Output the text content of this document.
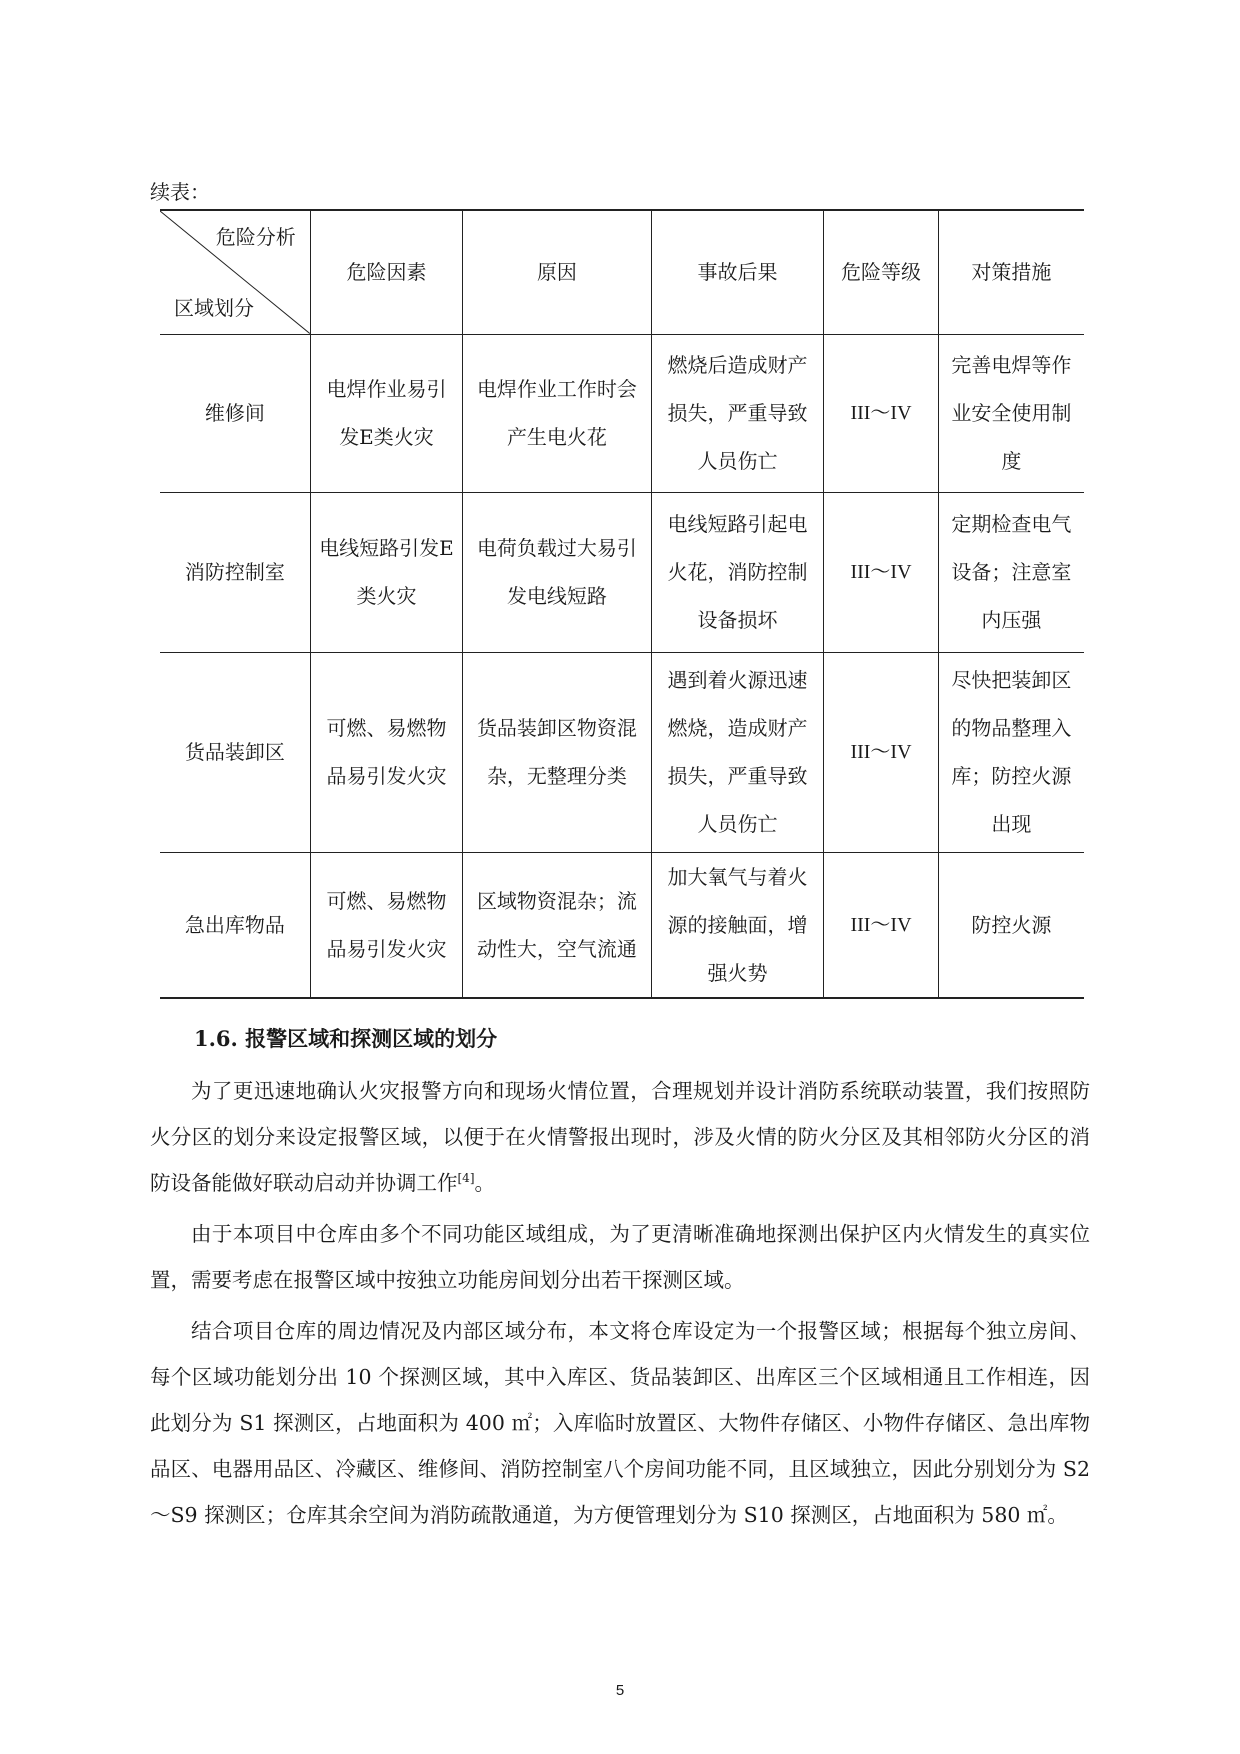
续表：
危险分析
区域划分	危险因素	原因	事故后果	危险等级	对策措施
维修间	电焊作业易引发E类火灾	电焊作业工作时会产生电火花	燃烧后造成财产损失，严重导致人员伤亡	III～IV	完善电焊等作业安全使用制度
消防控制室	电线短路引发E类火灾	电荷负载过大易引发电线短路	电线短路引起电火花，消防控制设备损坏	III～IV	定期检查电气设备；注意室内压强
货品装卸区	可燃、易燃物品易引发火灾	货品装卸区物资混杂，无整理分类	遇到着火源迅速燃烧，造成财产损失，严重导致人员伤亡	III～IV	尽快把装卸区的物品整理入库；防控火源出现
急出库物品	可燃、易燃物品易引发火灾	区域物资混杂；流动性大，空气流通	加大氧气与着火源的接触面，增强火势	III～IV	防控火源
1.6. 报警区域和探测区域的划分

为了更迅速地确认火灾报警方向和现场火情位置，合理规划并设计消防系统联动装置，我们按照防火分区的划分来设定报警区域，以便于在火情警报出现时，涉及火情的防火分区及其相邻防火分区的消防设备能做好联动启动并协调工作[4]。

由于本项目中仓库由多个不同功能区域组成，为了更清晰准确地探测出保护区内火情发生的真实位置，需要考虑在报警区域中按独立功能房间划分出若干探测区域。

结合项目仓库的周边情况及内部区域分布，本文将仓库设定为一个报警区域；根据每个独立房间、每个区域功能划分出 10 个探测区域，其中入库区、货品装卸区、出库区三个区域相通且工作相连，因此划分为 S1 探测区，占地面积为 400 ㎡；入库临时放置区、大物件存储区、小物件存储区、急出库物品区、电器用品区、冷藏区、维修间、消防控制室八个房间功能不同，且区域独立，因此分别划分为 S2～S9 探测区；仓库其余空间为消防疏散通道，为方便管理划分为 S10 探测区，占地面积为 580 ㎡。

5
